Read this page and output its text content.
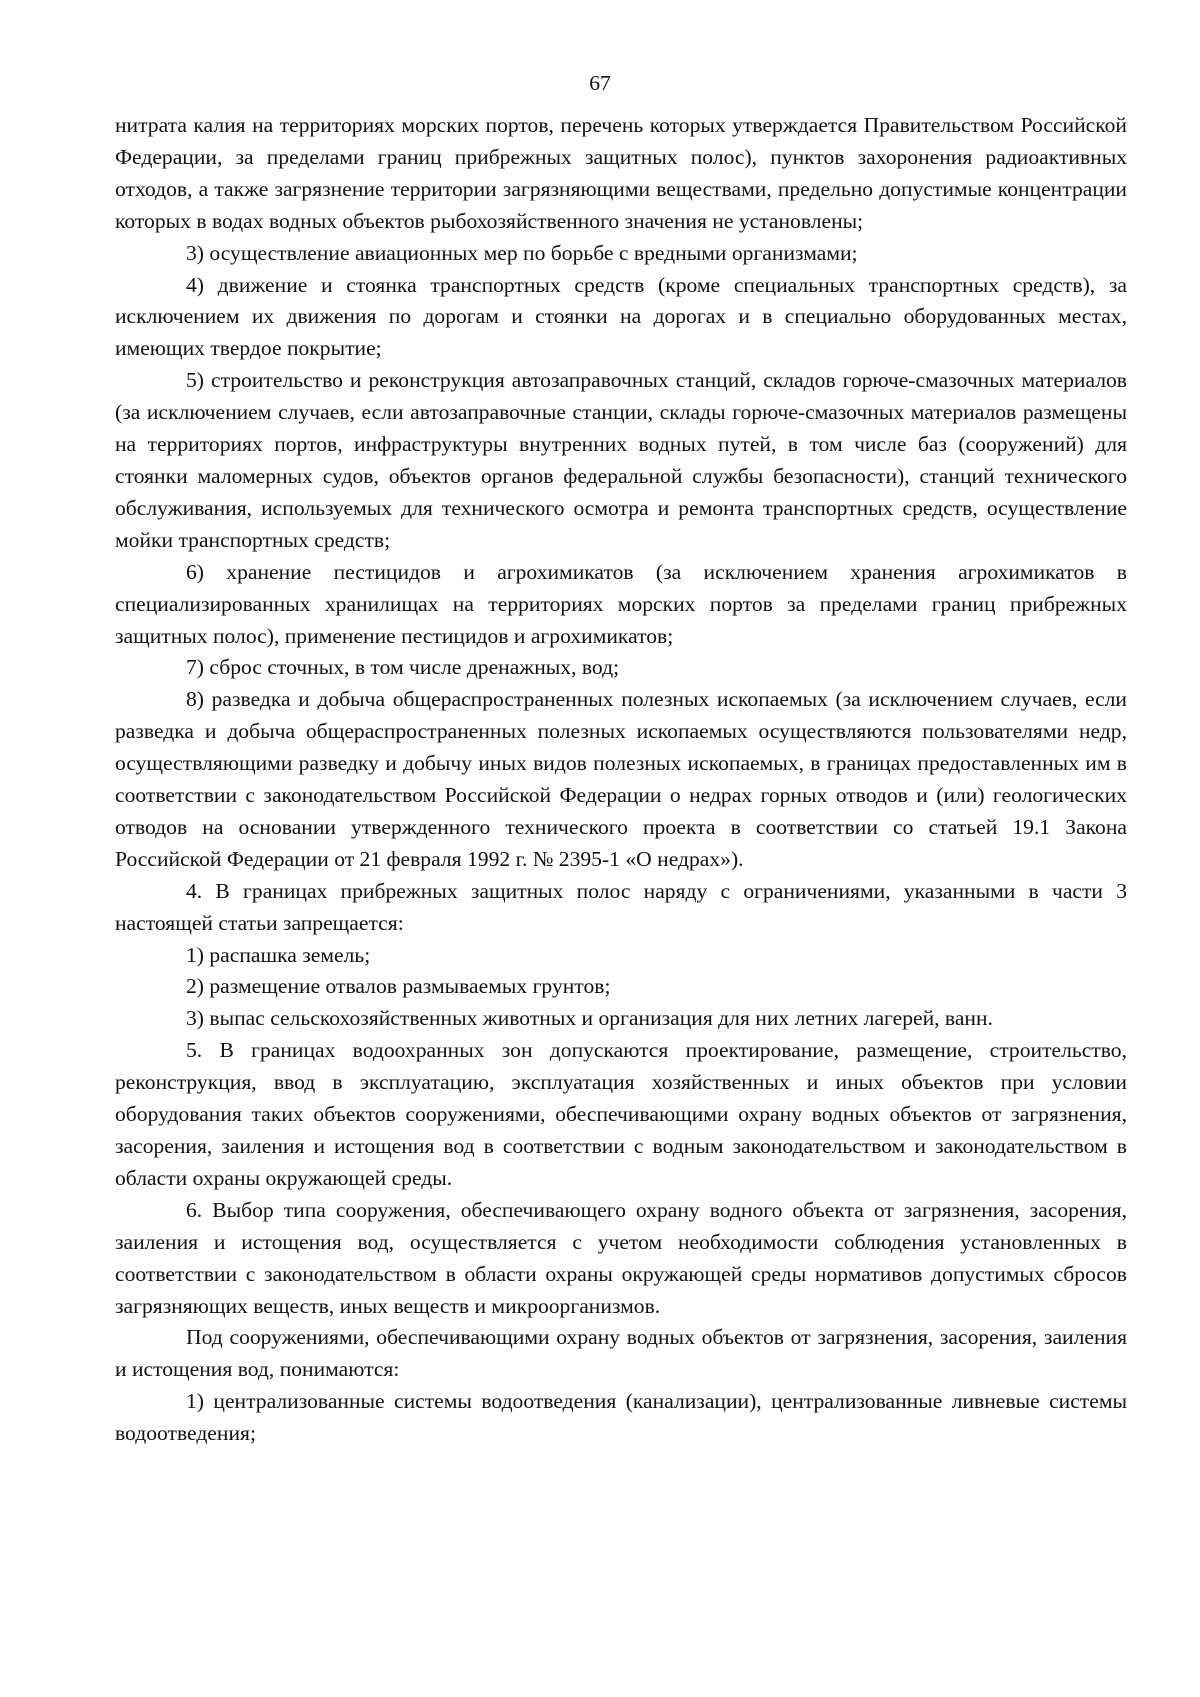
67

нитрата калия на территориях морских портов, перечень которых утверждается Правительством Российской Федерации, за пределами границ прибрежных защитных полос), пунктов захоронения радиоактивных отходов, а также загрязнение территории загрязняющими веществами, предельно допустимые концентрации которых в водах водных объектов рыбохозяйственного значения не установлены;

3) осуществление авиационных мер по борьбе с вредными организмами;

4) движение и стоянка транспортных средств (кроме специальных транспортных средств), за исключением их движения по дорогам и стоянки на дорогах и в специально оборудованных местах, имеющих твердое покрытие;

5) строительство и реконструкция автозаправочных станций, складов горюче-смазочных материалов (за исключением случаев, если автозаправочные станции, склады горюче-смазочных материалов размещены на территориях портов, инфраструктуры внутренних водных путей, в том числе баз (сооружений) для стоянки маломерных судов, объектов органов федеральной службы безопасности), станций технического обслуживания, используемых для технического осмотра и ремонта транспортных средств, осуществление мойки транспортных средств;

6) хранение пестицидов и агрохимикатов (за исключением хранения агрохимикатов в специализированных хранилищах на территориях морских портов за пределами границ прибрежных защитных полос), применение пестицидов и агрохимикатов;

7) сброс сточных, в том числе дренажных, вод;

8) разведка и добыча общераспространенных полезных ископаемых (за исключением случаев, если разведка и добыча общераспространенных полезных ископаемых осуществляются пользователями недр, осуществляющими разведку и добычу иных видов полезных ископаемых, в границах предоставленных им в соответствии с законодательством Российской Федерации о недрах горных отводов и (или) геологических отводов на основании утвержденного технического проекта в соответствии со статьей 19.1 Закона Российской Федерации от 21 февраля 1992 г. № 2395-1 «О недрах»).

4. В границах прибрежных защитных полос наряду с ограничениями, указанными в части 3 настоящей статьи запрещается:

1) распашка земель;

2) размещение отвалов размываемых грунтов;

3) выпас сельскохозяйственных животных и организация для них летних лагерей, ванн.

5. В границах водоохранных зон допускаются проектирование, размещение, строительство, реконструкция, ввод в эксплуатацию, эксплуатация хозяйственных и иных объектов при условии оборудования таких объектов сооружениями, обеспечивающими охрану водных объектов от загрязнения, засорения, заиления и истощения вод в соответствии с водным законодательством и законодательством в области охраны окружающей среды.

6. Выбор типа сооружения, обеспечивающего охрану водного объекта от загрязнения, засорения, заиления и истощения вод, осуществляется с учетом необходимости соблюдения установленных в соответствии с законодательством в области охраны окружающей среды нормативов допустимых сбросов загрязняющих веществ, иных веществ и микроорганизмов.

Под сооружениями, обеспечивающими охрану водных объектов от загрязнения, засорения, заиления и истощения вод, понимаются:

1) централизованные системы водоотведения (канализации), централизованные ливневые системы водоотведения;
